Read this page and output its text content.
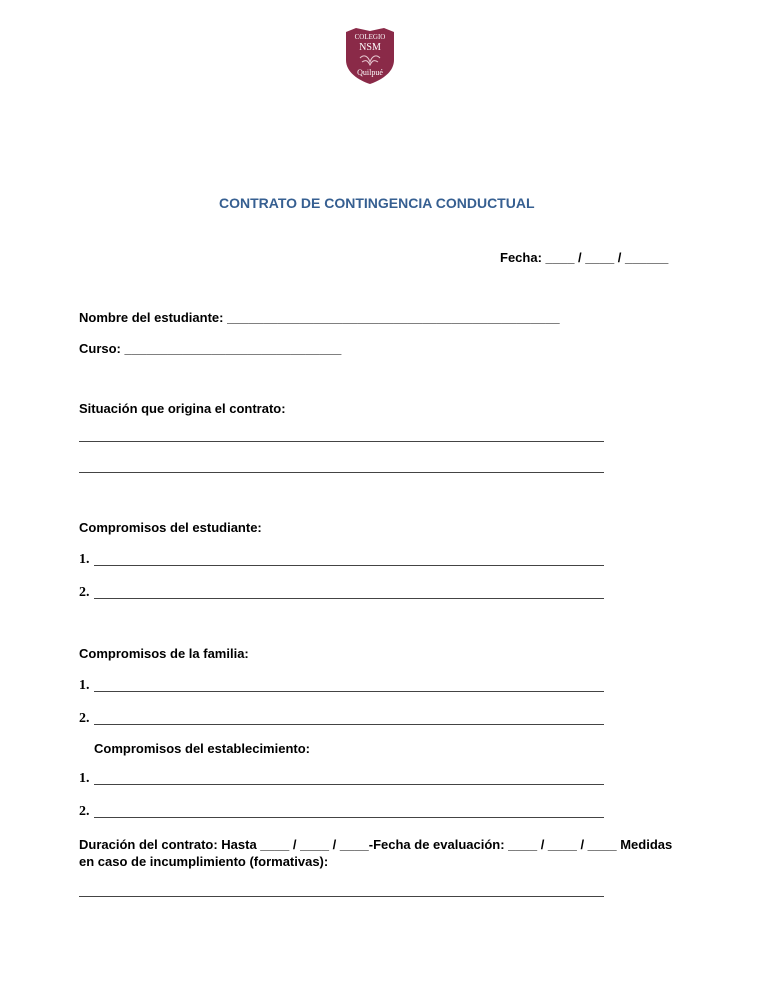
COLEGIO
NSM
Quilpué
CONTRATO DE CONTINGENCIA CONDUCTUAL
Fecha: ____ / ____ / ______
Nombre del estudiante: ______________________________________________
Curso: ______________________________
Situación que origina el contrato:
Compromisos del estudiante:
1.
2.
Compromisos de la familia:
1.
2.
Compromisos del establecimiento:
1.
2.
Duración del contrato: Hasta ____ / ____ / ____-Fecha de evaluación: ____ / ____ / ____ Medidas
en caso de incumplimiento (formativas):
